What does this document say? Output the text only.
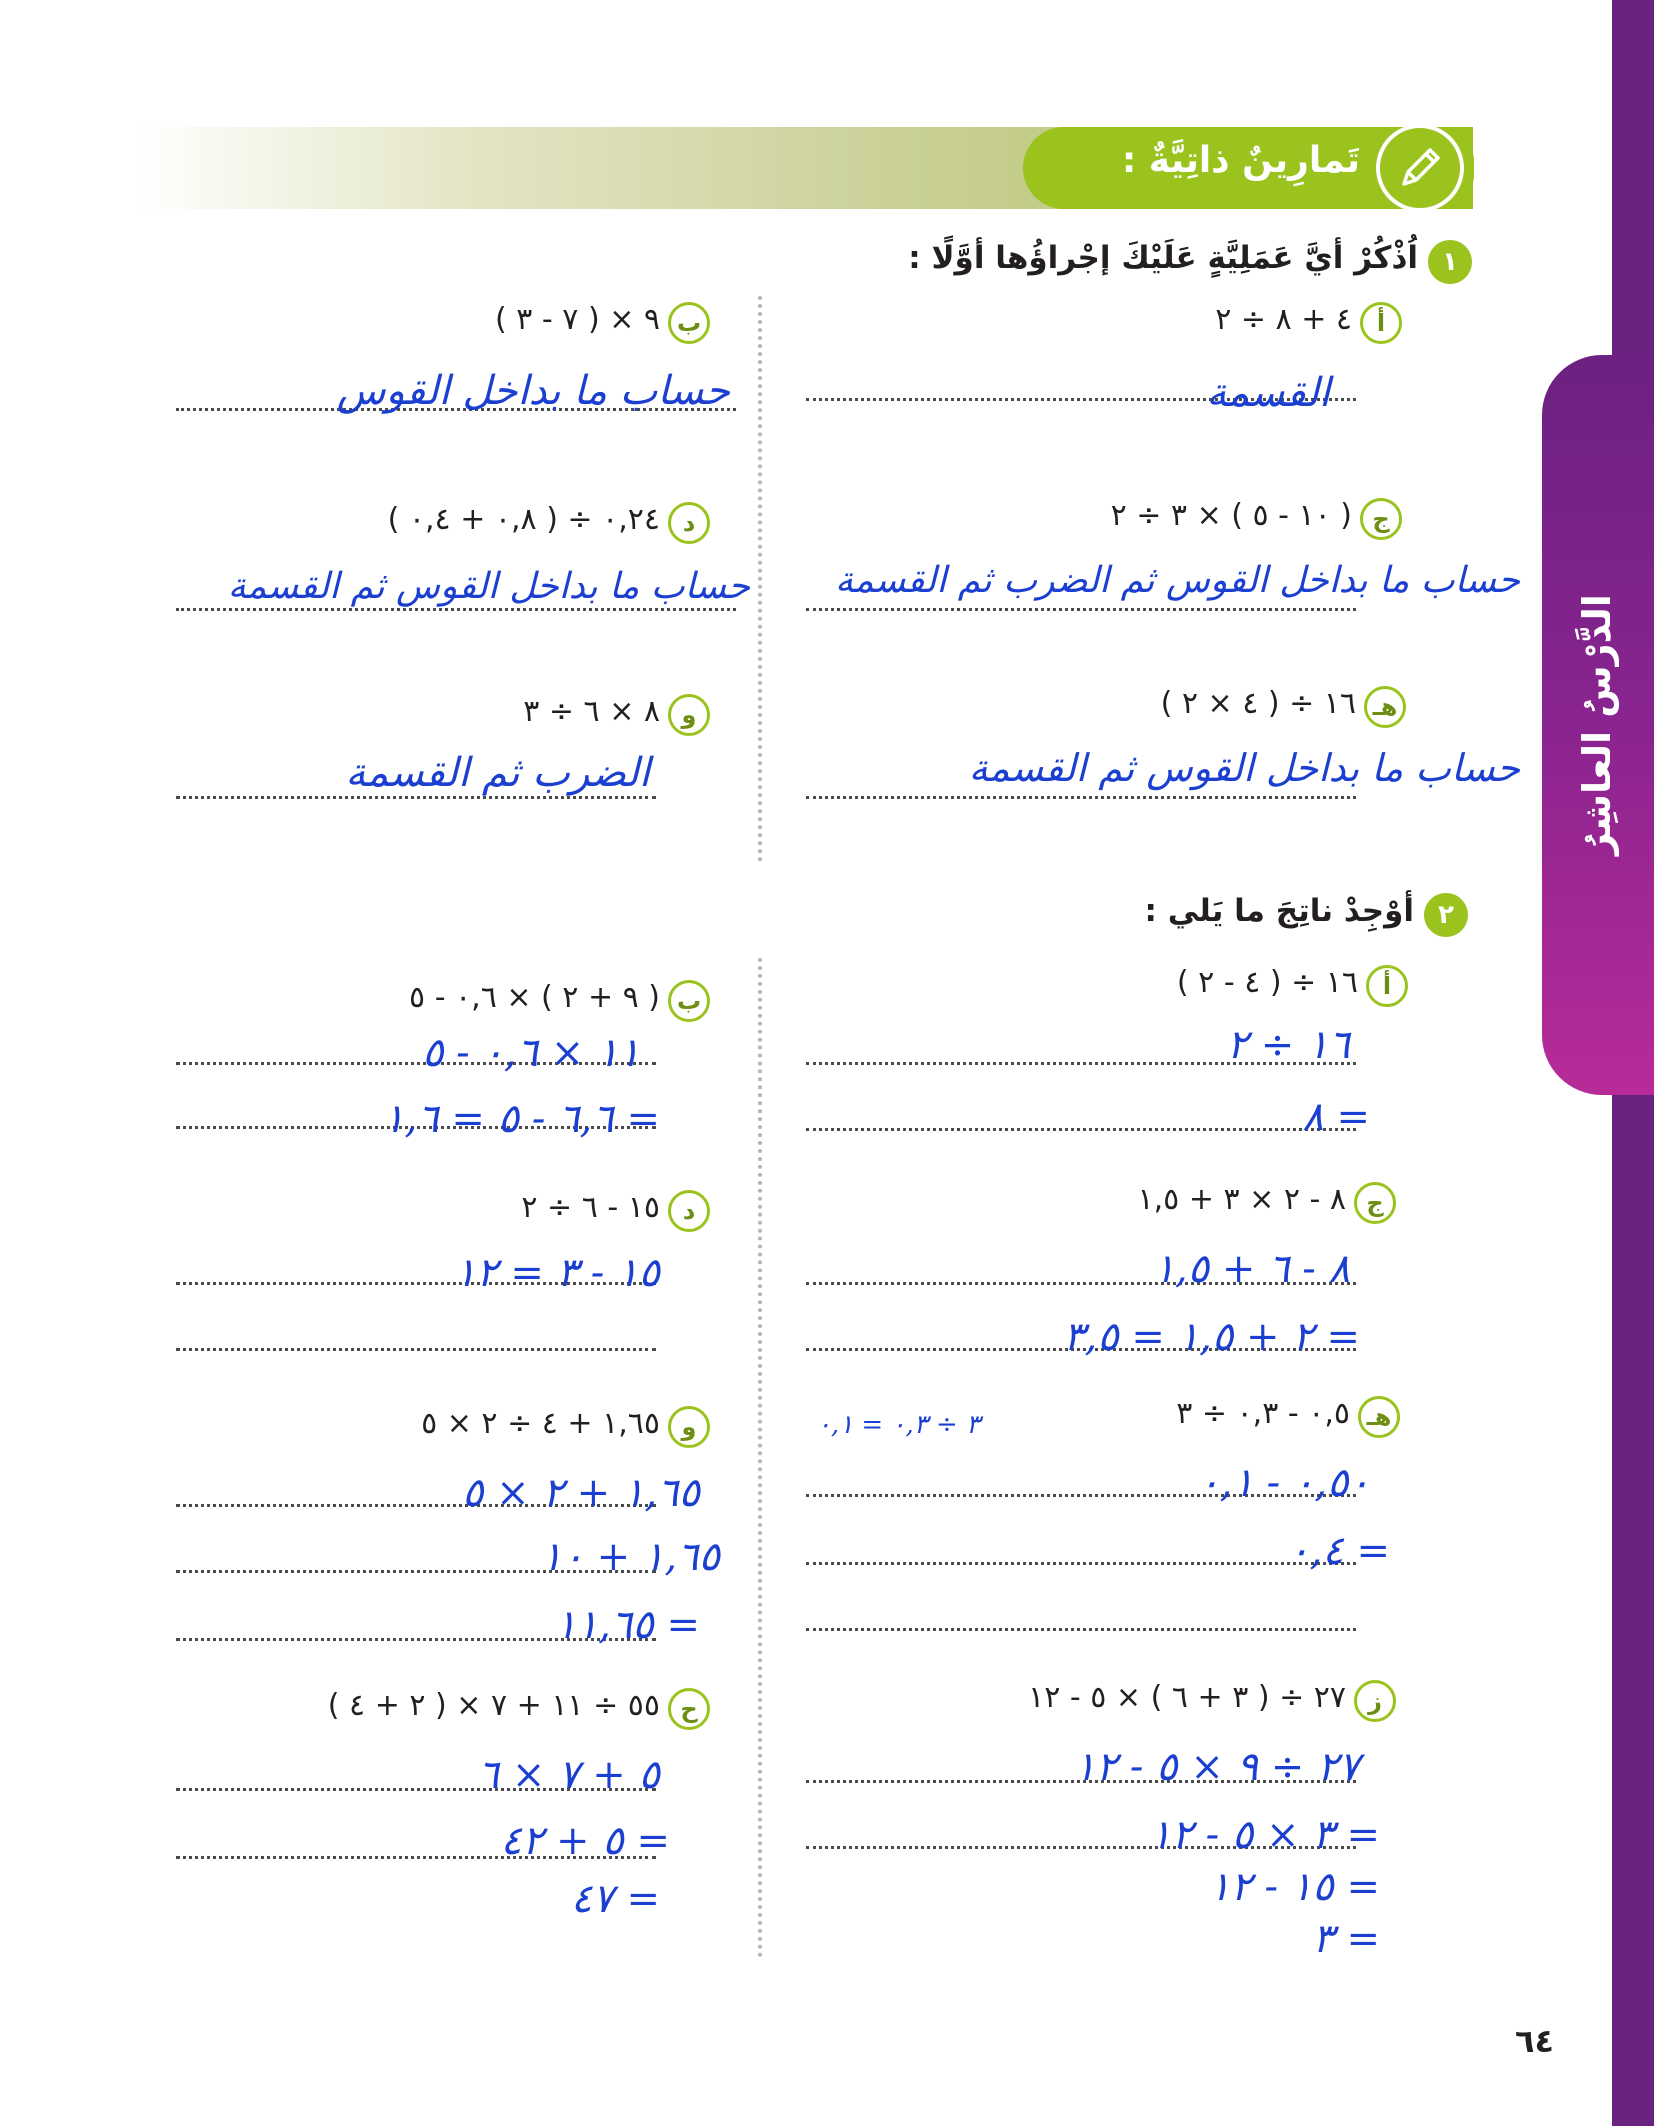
الدَّرْسُ العاشِرُ
تَمارِينٌ ذاتِيَّةٌ :
١
اُذْكُرْ أيَّ عَمَلِيَّةٍ عَلَيْكَ إجْراؤُها أوَّلًا :
أ
٤ + ٨ ÷ ٢
القسمة
ب
٩ × ( ٧ - ٣ )
حساب ما بداخل القوس
ج
( ١٠ - ٥ ) × ٣ ÷ ٢
حساب ما بداخل القوس ثم الضرب ثم القسمة
د
٠,٢٤ ÷ ( ٠,٨ + ٠,٤ )
حساب ما بداخل القوس ثم القسمة
هـ
١٦ ÷ ( ٤ × ٢ )
حساب ما بداخل القوس ثم القسمة
و
٨ × ٦ ÷ ٣
الضرب ثم القسمة
٢
أوْجِدْ ناتِجَ ما يَلي :
أ
١٦ ÷ ( ٤ - ٢ )
١٦ ÷ ٢
= ٨
ب
( ٩ + ٢ ) × ٠,٦ - ٥
١١ × ٠,٦ - ٥
= ٦,٦ - ٥ = ١,٦
ج
٨ - ٢ × ٣ + ١,٥
٨ - ٦ + ١,٥
= ٢ + ١,٥ = ٣,٥
د
١٥ - ٦ ÷ ٢
١٥ - ٣ = ١٢
هـ
٠,٥ - ٠,٣ ÷ ٣
٠,٥٠ - ٠,١
= ٠,٤
٣ ÷ ٠,٣ = ٠,١
و
١,٦٥ + ٤ ÷ ٢ × ٥
١,٦٥ + ٢ × ٥
١,٦٥ + ١٠
= ١١,٦٥
ز
٢٧ ÷ ( ٣ + ٦ ) × ٥ - ١٢
٢٧ ÷ ٩ × ٥ - ١٢
= ٣ × ٥ - ١٢
= ١٥ - ١٢
= ٣
ح
٥٥ ÷ ١١ + ٧ × ( ٢ + ٤ )
٥ + ٧ × ٦
= ٥ + ٤٢
= ٤٧
٦٤
